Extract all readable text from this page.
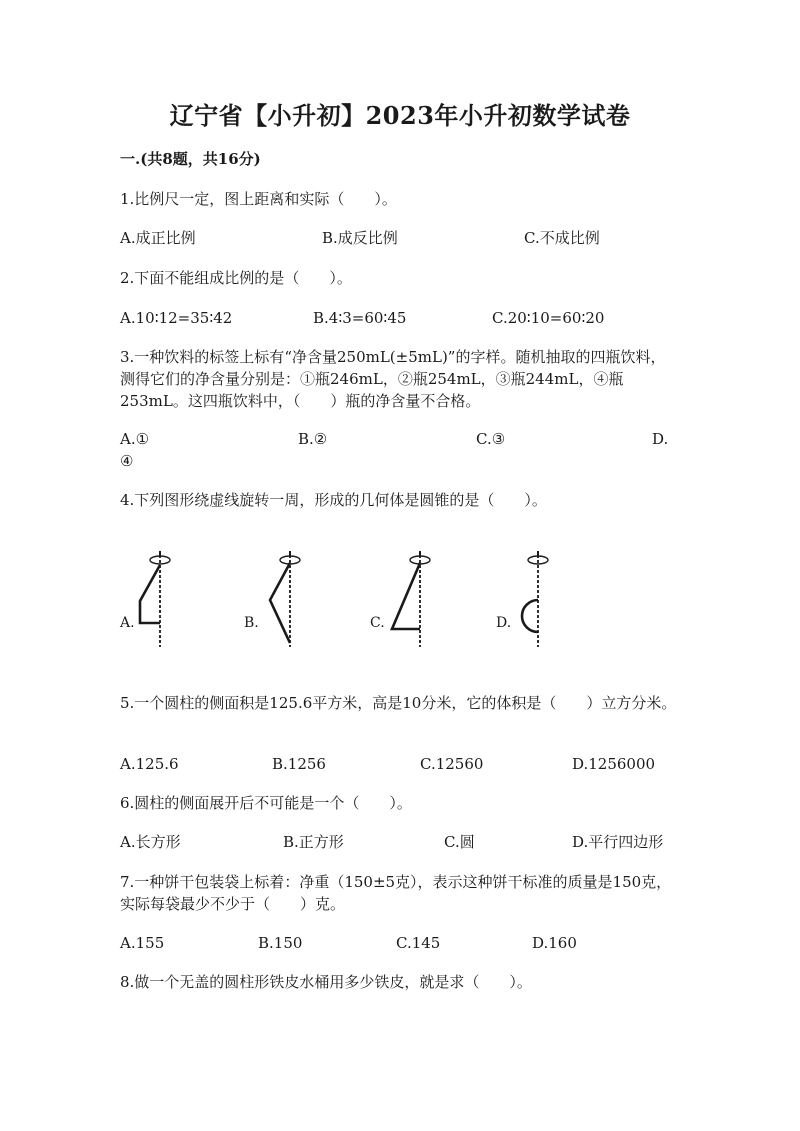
辽宁省【小升初】2023年小升初数学试卷
一.(共8题，共16分)
1.比例尺一定，图上距离和实际（　　）。
A.成正比例	B.成反比例	C.不成比例
2.下面不能组成比例的是（　　）。
A.10∶12=35∶42	B.4∶3=60∶45	C.20∶10=60∶20
3.一种饮料的标签上标有“净含量250mL(±5mL)”的字样。随机抽取的四瓶饮料，测得它们的净含量分别是：①瓶246mL，②瓶254mL，③瓶244mL，④瓶253mL。这四瓶饮料中，（　　）瓶的净含量不合格。
A.①	B.②	C.③	D.
④
4.下列图形绕虚线旋转一周，形成的几何体是圆锥的是（　　）。
A.	B.	C.	D.
5.一个圆柱的侧面积是125.6平方米，高是10分米，它的体积是（　　）立方分米。
A.125.6	B.1256	C.12560	D.1256000
6.圆柱的侧面展开后不可能是一个（　　）。
A.长方形	B.正方形	C.圆	D.平行四边形
7.一种饼干包装袋上标着：净重（150±5克），表示这种饼干标准的质量是150克，实际每袋最少不少于（　　）克。
A.155	B.150	C.145	D.160
8.做一个无盖的圆柱形铁皮水桶用多少铁皮，就是求（　　）。
